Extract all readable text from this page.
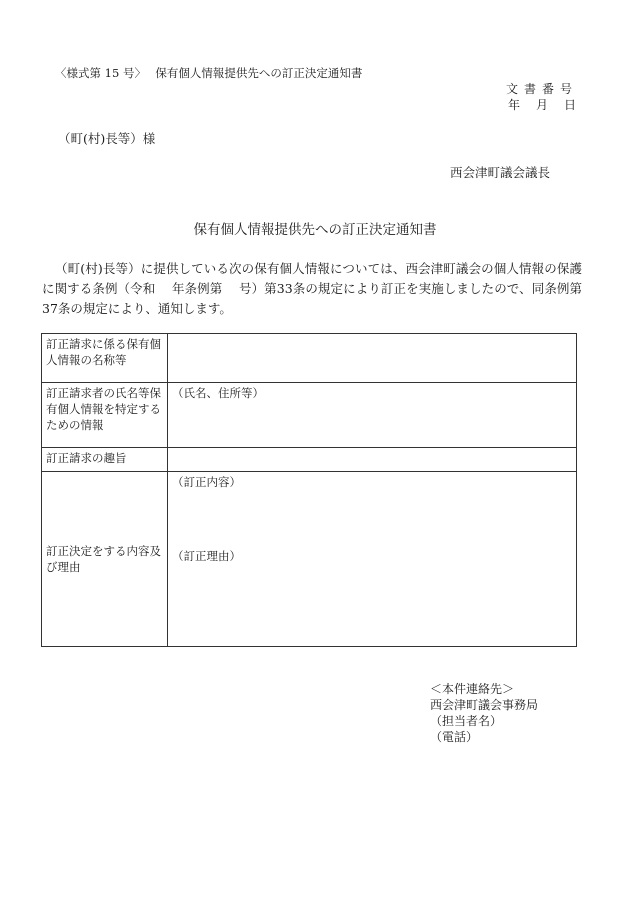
〈様式第 15 号〉　 保有個人情報提供先への訂正決定通知書
文書番号
年　月　日
（町(村)長等）様
西会津町議会議長
保有個人情報提供先への訂正決定通知書
（町(村)長等）に提供している次の保有個人情報については、西会津町議会の個人情報の保護に関する条例（令和　 年条例第　 号）第33条の規定により訂正を実施しましたので、同条例第37条の規定により、通知します。
訂正請求に係る保有個人情報の名称等	
訂正請求者の氏名等保有個人情報を特定するための情報	（氏名、住所等）
訂正請求の趣旨	
訂正決定をする内容及び理由	（訂正内容）
（訂正理由）
＜本件連絡先＞
西会津町議会事務局
（担当者名）
（電話）
